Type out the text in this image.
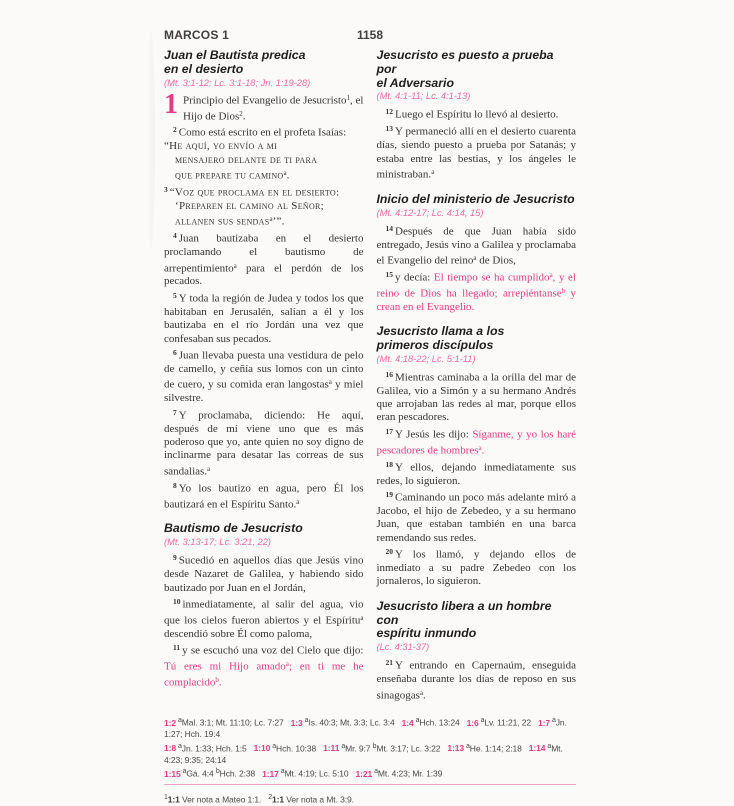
MARCOS 1	1158
Juan el Bautista predica
en el desierto
(Mt. 3:1-12; Lc. 3:1-18; Jn. 1:19-28)

1 Principio del Evangelio de Jesucristo$^1$, el Hijo de Dios$^2$.

$^2$ Como está escrito en el profeta Isaías:

“He aquí, yo envío a mi
mensajero delante de ti para
que prepare tu camino$^a$.
$^3$ “Voz que proclama en el desierto:
‘Preparen el camino al Señor;
allanen sus sendas$^a$’”.

$^4$ Juan bautizaba en el desierto proclamando el bautismo de arrepentimiento$^a$ para el perdón de los pecados.

$^5$ Y toda la región de Judea y todos los que habitaban en Jerusalén, salían a él y los bautizaba en el río Jordán una vez que confesaban sus pecados.

$^6$ Juan llevaba puesta una vestidura de pelo de camello, y ceñía sus lomos con un cinto de cuero, y su comida eran langostas$^a$ y miel silvestre.

$^7$ Y proclamaba, diciendo: He aquí, después de mí viene uno que es más poderoso que yo, ante quien no soy digno de inclinarme para desatar las correas de sus sandalias.$^a$

$^8$ Yo los bautizo en agua, pero Él los bautizará en el Espíritu Santo.$^a$

Bautismo de Jesucristo
(Mt. 3:13-17; Lc. 3:21, 22)

$^9$ Sucedió en aquellos días que Jesús vino desde Nazaret de Galilea, y habiendo sido bautizado por Juan en el Jordán,

$^{10}$ inmediatamente, al salir del agua, vio que los cielos fueron abiertos y el Espíritu$^a$ descendió sobre Él como paloma,

$^{11}$ y se escuchó una voz del Cielo que dijo: Tú eres mi Hijo amado$^a$; en ti me he complacido$^b$.

Jesucristo es puesto a prueba por
el Adversario
(Mt. 4:1-11; Lc. 4:1-13)

$^{12}$ Luego el Espíritu lo llevó al desierto.

$^{13}$ Y permaneció allí en el desierto cuarenta días, siendo puesto a prueba por Satanás; y estaba entre las bestias, y los ángeles le ministraban.$^a$

Inicio del ministerio de Jesucristo
(Mt. 4:12-17; Lc. 4:14, 15)

$^{14}$ Después de que Juan había sido entregado, Jesús vino a Galilea y proclamaba el Evangelio del reino$^a$ de Dios,

$^{15}$ y decía: El tiempo se ha cumplido$^a$, y el reino de Dios ha llegado; arrepiéntanse$^b$ y crean en el Evangelio.

Jesucristo llama a los
primeros discípulos
(Mt. 4:18-22; Lc. 5:1-11)

$^{16}$ Mientras caminaba a la orilla del mar de Galilea, vio a Simón y a su hermano Andrés que arrojaban las redes al mar, porque ellos eran pescadores.

$^{17}$ Y Jesús les dijo: Síganme, y yo los haré pescadores de hombres$^a$.

$^{18}$ Y ellos, dejando inmediatamente sus redes, lo siguieron.

$^{19}$ Caminando un poco más adelante miró a Jacobo, el hijo de Zebedeo, y a su hermano Juan, que estaban también en una barca remendando sus redes.

$^{20}$ Y los llamó, y dejando ellos de inmediato a su padre Zebedeo con los jornaleros, lo siguieron.

Jesucristo libera a un hombre con
espíritu inmundo
(Lc. 4:31-37)

$^{21}$ Y entrando en Capernaúm, enseguida enseñaba durante los días de reposo en sus sinagogas$^a$.

1:2 $^a$Mal. 3:1; Mt. 11:10; Lc. 7:27 1:3 $^a$Is. 40:3; Mt. 3:3; Lc. 3:4 1:4 $^a$Hch. 13:24 1:6 $^a$Lv. 11:21, 22 1:7 $^a$Jn. 1:27; Hch. 19:4
1:8 $^a$Jn. 1:33; Hch. 1:5 1:10 $^a$Hch. 10:38 1:11 $^a$Mr. 9:7 $^b$Mt. 3:17; Lc. 3:22 1:13 $^a$He. 1:14; 2:18 1:14 $^a$Mt. 4:23; 9:35; 24:14
1:15 $^a$Gá. 4:4 $^b$Hch. 2:38 1:17 $^a$Mt. 4:19; Lc. 5:10 1:21 $^a$Mt. 4:23; Mr. 1:39
$^1$1:1 Ver nota a Mateo 1:1. $^2$1:1 Ver nota a Mt. 3:9.
